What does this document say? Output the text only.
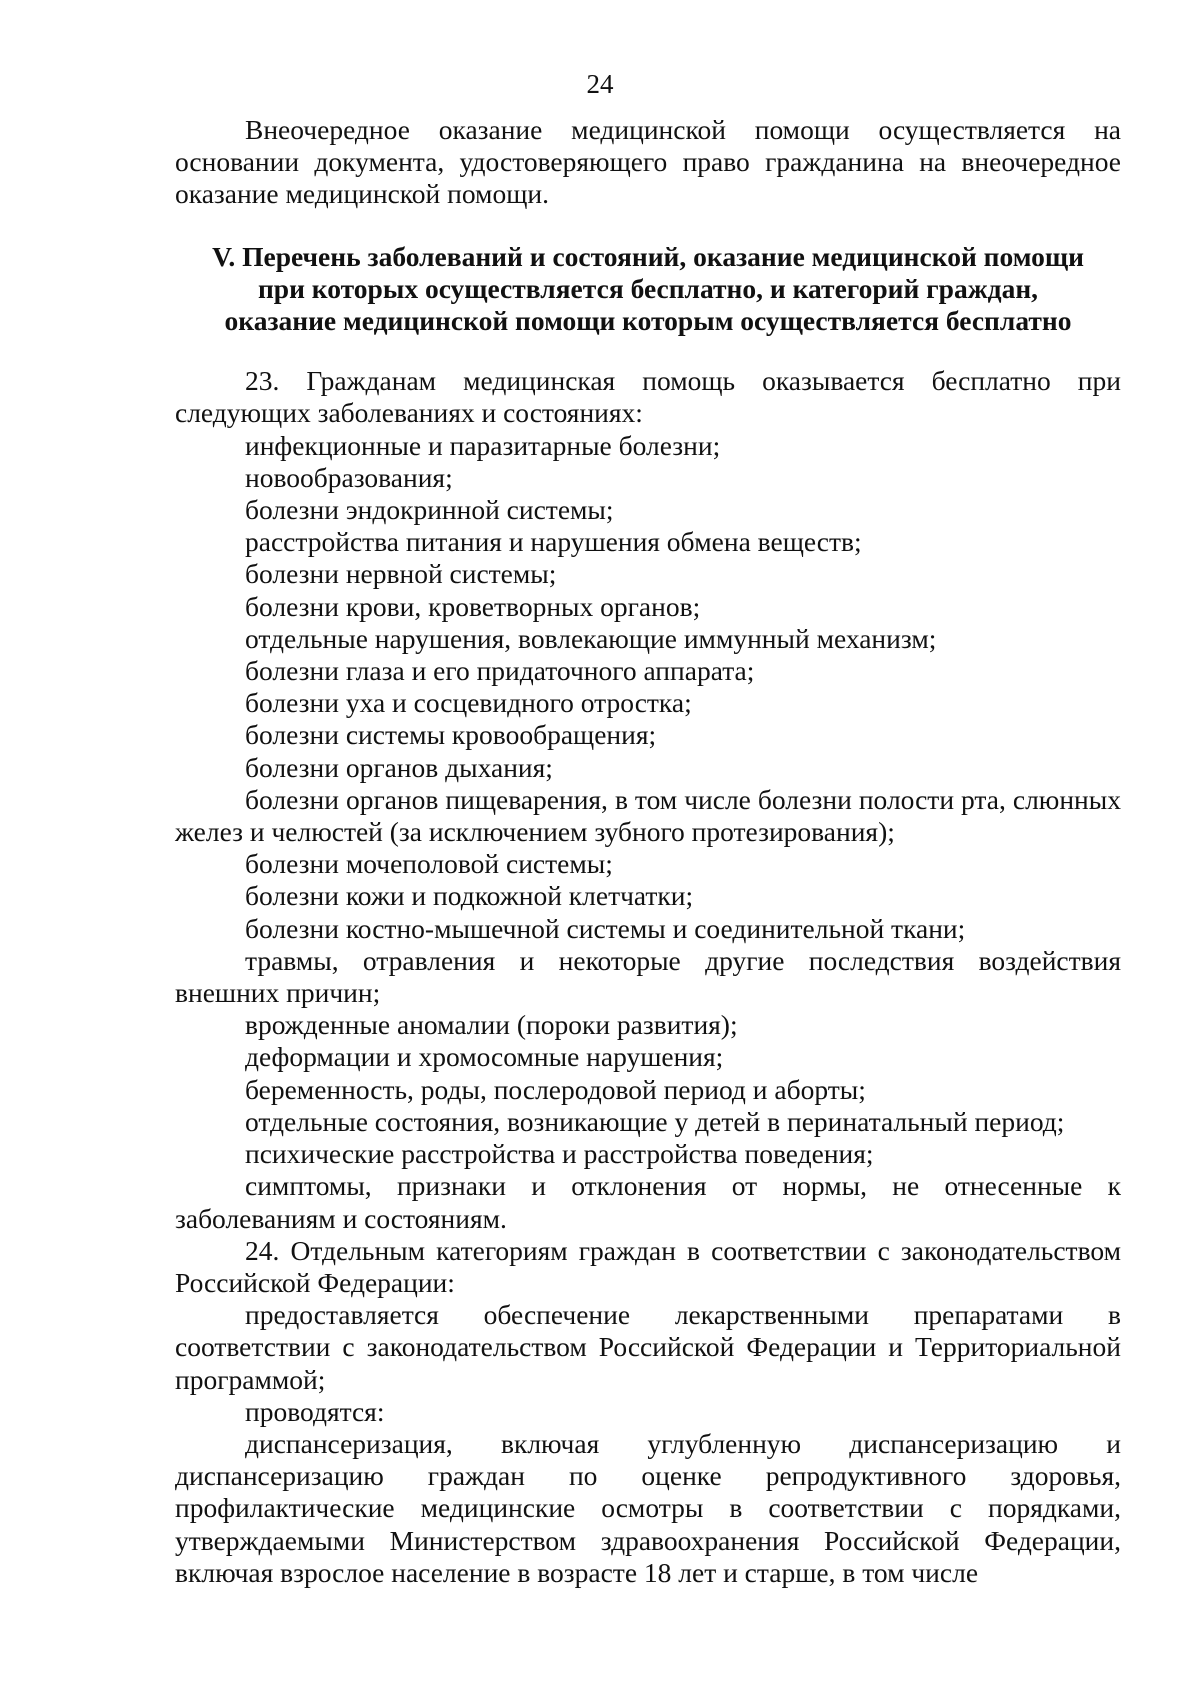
24

Внеочередное оказание медицинской помощи осуществляется на основании документа, удостоверяющего право гражданина на внеочередное оказание медицинской помощи.

V. Перечень заболеваний и состояний, оказание медицинской помощи
при которых осуществляется бесплатно, и категорий граждан,
оказание медицинской помощи которым осуществляется бесплатно

23. Гражданам медицинская помощь оказывается бесплатно при следующих заболеваниях и состояниях:

инфекционные и паразитарные болезни;

новообразования;

болезни эндокринной системы;

расстройства питания и нарушения обмена веществ;

болезни нервной системы;

болезни крови, кроветворных органов;

отдельные нарушения, вовлекающие иммунный механизм;

болезни глаза и его придаточного аппарата;

болезни уха и сосцевидного отростка;

болезни системы кровообращения;

болезни органов дыхания;

болезни органов пищеварения, в том числе болезни полости рта, слюнных желез и челюстей (за исключением зубного протезирования);

болезни мочеполовой системы;

болезни кожи и подкожной клетчатки;

болезни костно-мышечной системы и соединительной ткани;

травмы, отравления и некоторые другие последствия воздействия внешних причин;

врожденные аномалии (пороки развития);

деформации и хромосомные нарушения;

беременность, роды, послеродовой период и аборты;

отдельные состояния, возникающие у детей в перинатальный период;

психические расстройства и расстройства поведения;

симптомы, признаки и отклонения от нормы, не отнесенные к заболеваниям и состояниям.

24. Отдельным категориям граждан в соответствии с законодательством Российской Федерации:

предоставляется обеспечение лекарственными препаратами в соответствии с законодательством Российской Федерации и Территориальной программой;

проводятся:

диспансеризация, включая углубленную диспансеризацию и диспансеризацию граждан по оценке репродуктивного здоровья, профилактические медицинские осмотры в соответствии с порядками, утверждаемыми Министерством здравоохранения Российской Федерации, включая взрослое население в возрасте 18 лет и старше, в том числе
